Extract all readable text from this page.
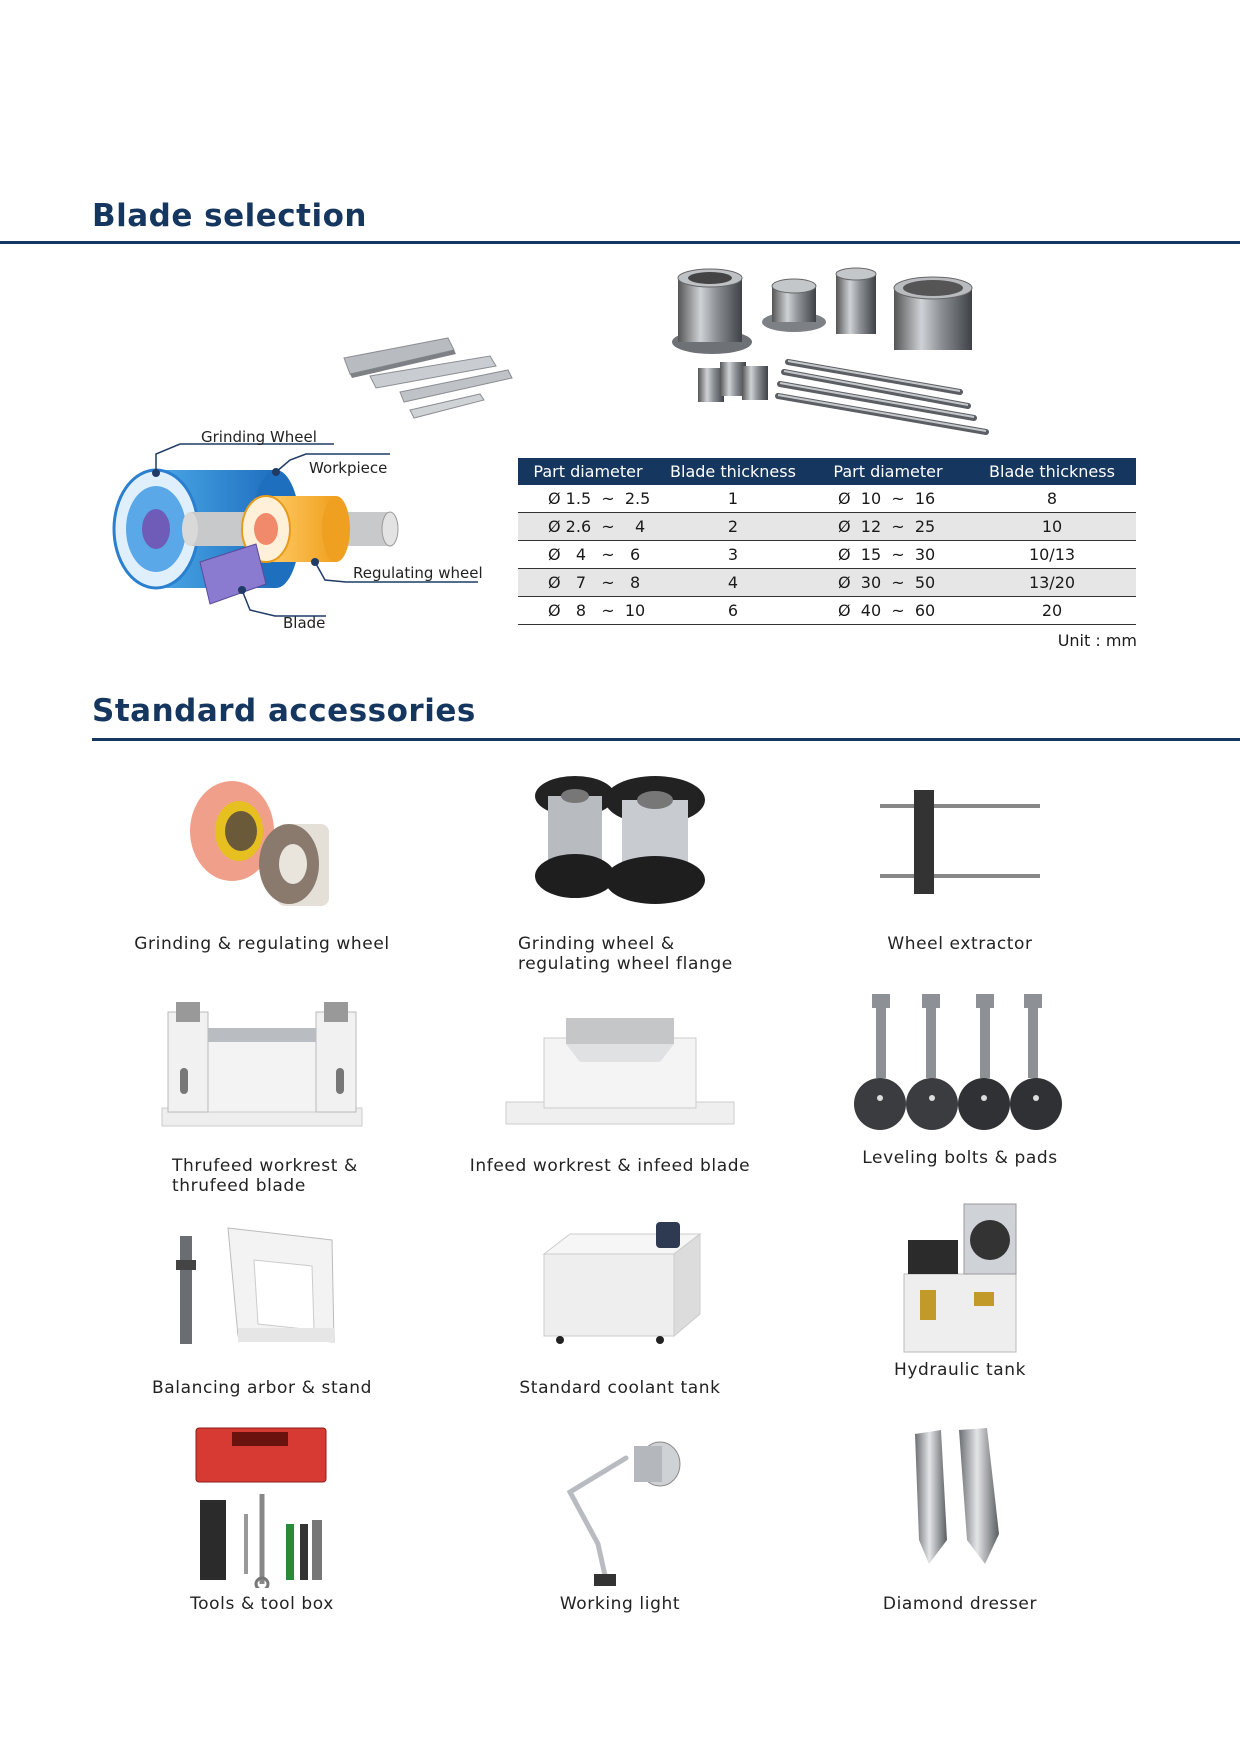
Blade selection
Grinding Wheel
Workpiece
Regulating wheel
Blade
Part diameter	Blade thickness	Part diameter	Blade thickness
Ø 1.5  ~  2.5	1	Ø  10  ~  16	8
Ø 2.6  ~    4	2	Ø  12  ~  25	10
Ø   4   ~   6	3	Ø  15  ~  30	10/13
Ø   7   ~   8	4	Ø  30  ~  50	13/20
Ø   8   ~  10	6	Ø  40  ~  60	20
Unit : mm
Standard accessories
Grinding & regulating wheel	Grinding wheel &
regulating wheel flange
Wheel extractor
Thrufeed workrest &
thrufeed blade
Infeed workrest & infeed blade	Leveling bolts & pads
Balancing arbor & stand	Standard coolant tank
Hydraulic tank
Tools & tool box	Working light	Diamond dresser
